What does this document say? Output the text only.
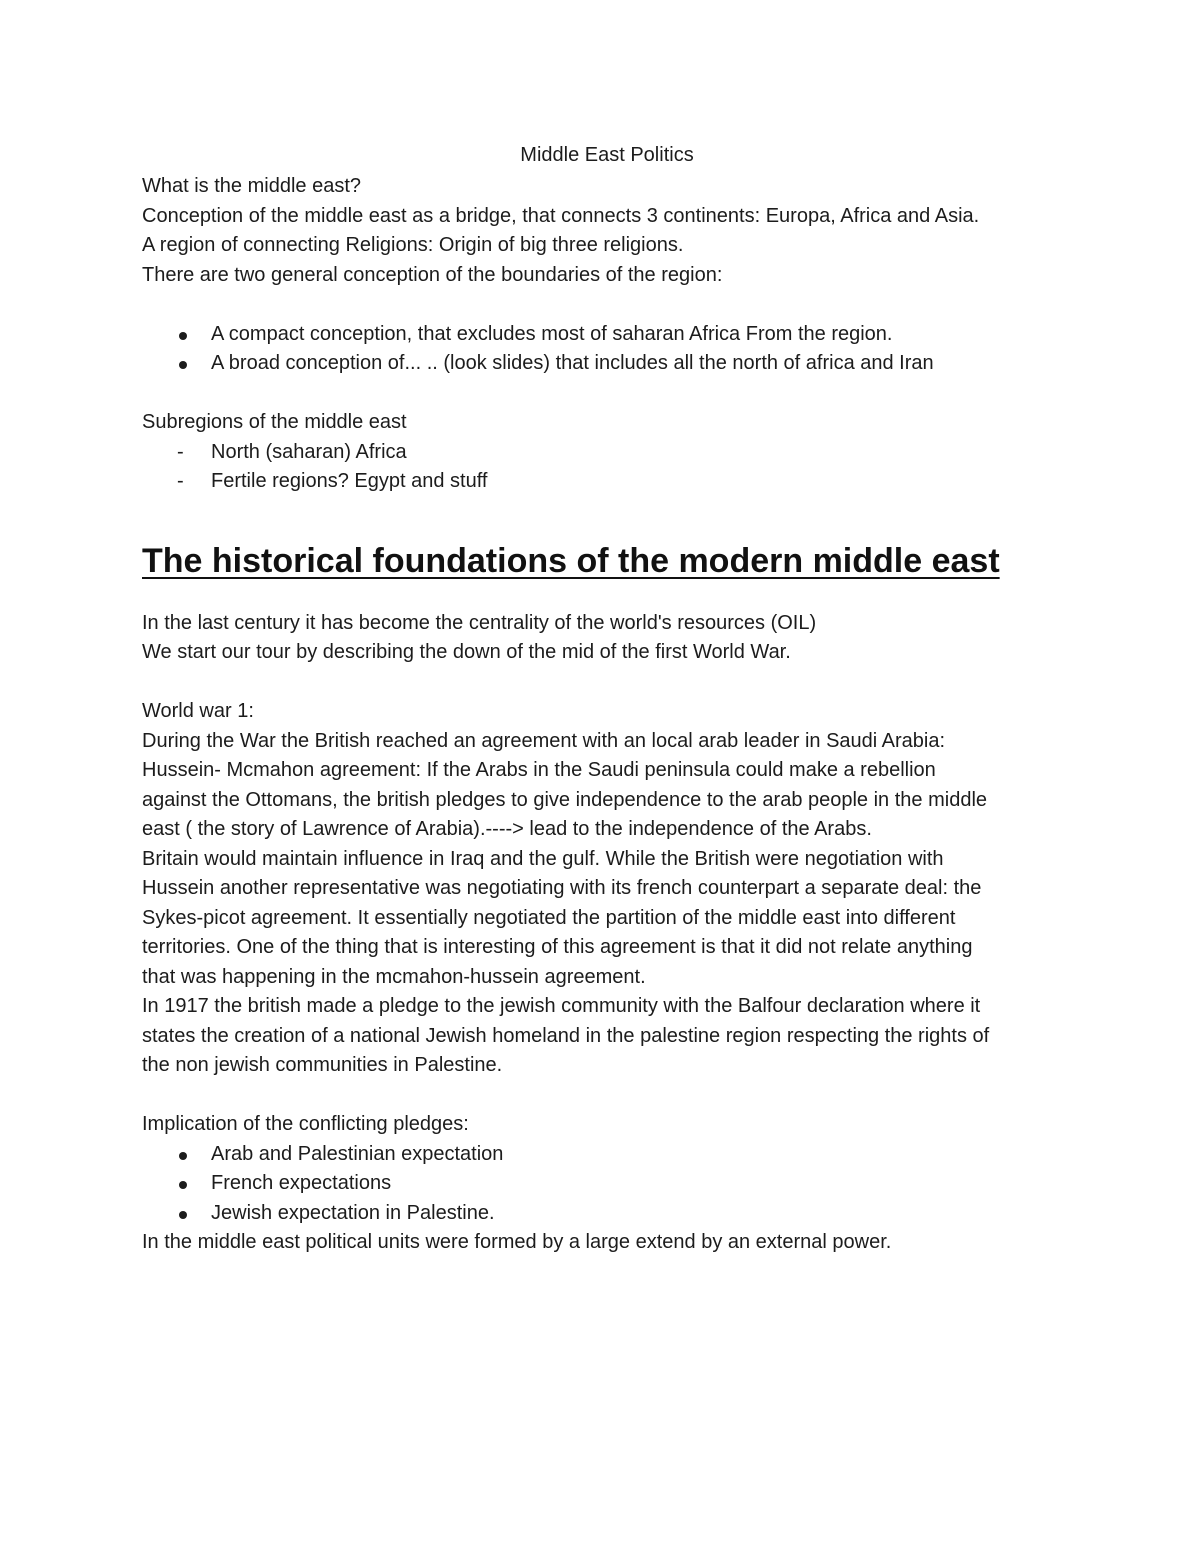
Middle East Politics

What is the middle east?

Conception of the middle east as a bridge, that connects 3 continents: Europa, Africa and Asia.

A region of connecting Religions: Origin of big three religions.

There are two general conception of the boundaries of the region:

A compact conception, that excludes most of saharan Africa From the region.
A broad conception of... .. (look slides) that includes all the north of africa and Iran

Subregions of the middle east

- North (saharan) Africa
- Fertile regions? Egypt and stuff
The historical foundations of the modern middle east

In the last century it has become the centrality of the world's resources (OIL)

We start our tour by describing the down of the mid of the first World War.

World war 1:

During the War the British reached an agreement with an local arab leader in Saudi Arabia:

Hussein- Mcmahon agreement: If the Arabs in the Saudi peninsula could make a rebellion

against the Ottomans, the british pledges to give independence to the arab people in the middle

east ( the story of Lawrence of Arabia).----> lead to the independence of the Arabs.

Britain would maintain influence in Iraq and the gulf. While the British were negotiation with

Hussein another representative was negotiating with its french counterpart a separate deal: the

Sykes-picot agreement. It essentially negotiated the partition of the middle east into different

territories. One of the thing that is interesting of this agreement is that it did not relate anything

that was happening in the mcmahon-hussein agreement.

In 1917 the british made a pledge to the jewish community with the Balfour declaration where it

states the creation of a national Jewish homeland in the palestine region respecting the rights of

the non jewish communities in Palestine.

Implication of the conflicting pledges:

Arab and Palestinian expectation
French expectations
Jewish expectation in Palestine.

In the middle east political units were formed by a large extend by an external power.
